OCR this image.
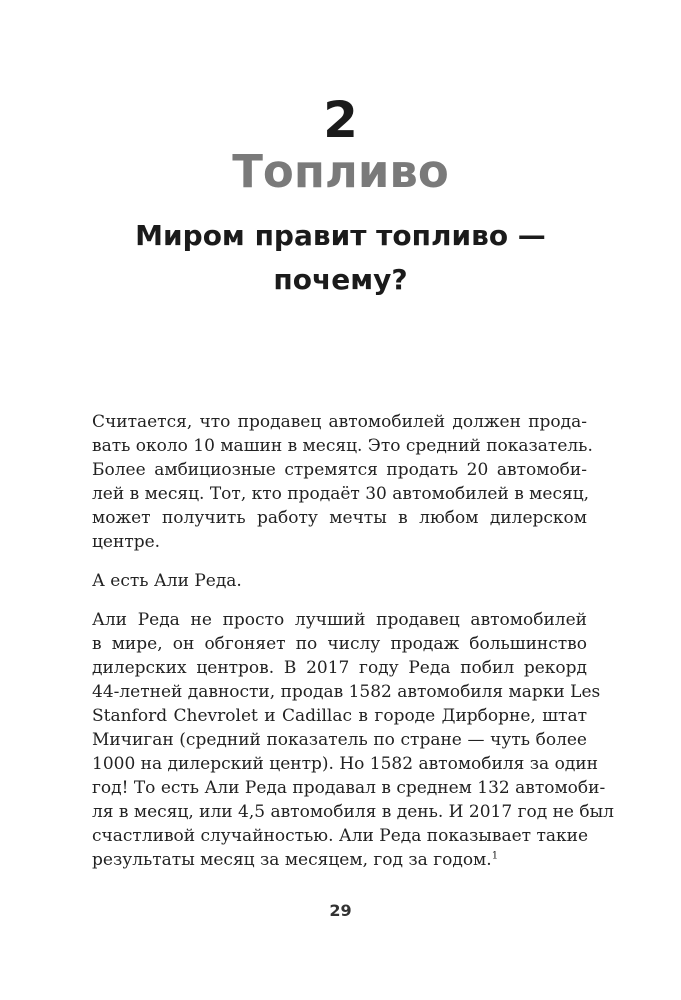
2
Топливо
Миром правит топливо —
почему?

Считается, что продавец автомобилей должен прода-
вать около 10 машин в месяц. Это средний показатель.
Более амбициозные стремятся продать 20 автомоби-
лей в месяц. Тот, кто продаёт 30 автомобилей в месяц,
может получить работу мечты в любом дилерском
центре.

А есть Али Реда.

Али Реда не просто лучший продавец автомобилей
в мире, он обгоняет по числу продаж большинство
дилерских центров. В 2017 году Реда побил рекорд
44-летней давности, продав 1582 автомобиля марки Les
Stanford Chevrolet и Cadillac в городе Дирборне, штат
Мичиган (средний показатель по стране — чуть более
1000 на дилерский центр). Но 1582 автомобиля за один
год! То есть Али Реда продавал в среднем 132 автомоби-
ля в месяц, или 4,5 автомобиля в день. И 2017 год не был
счастливой случайностью. Али Реда показывает такие
результаты месяц за месяцем, год за годом.$^1$

29
